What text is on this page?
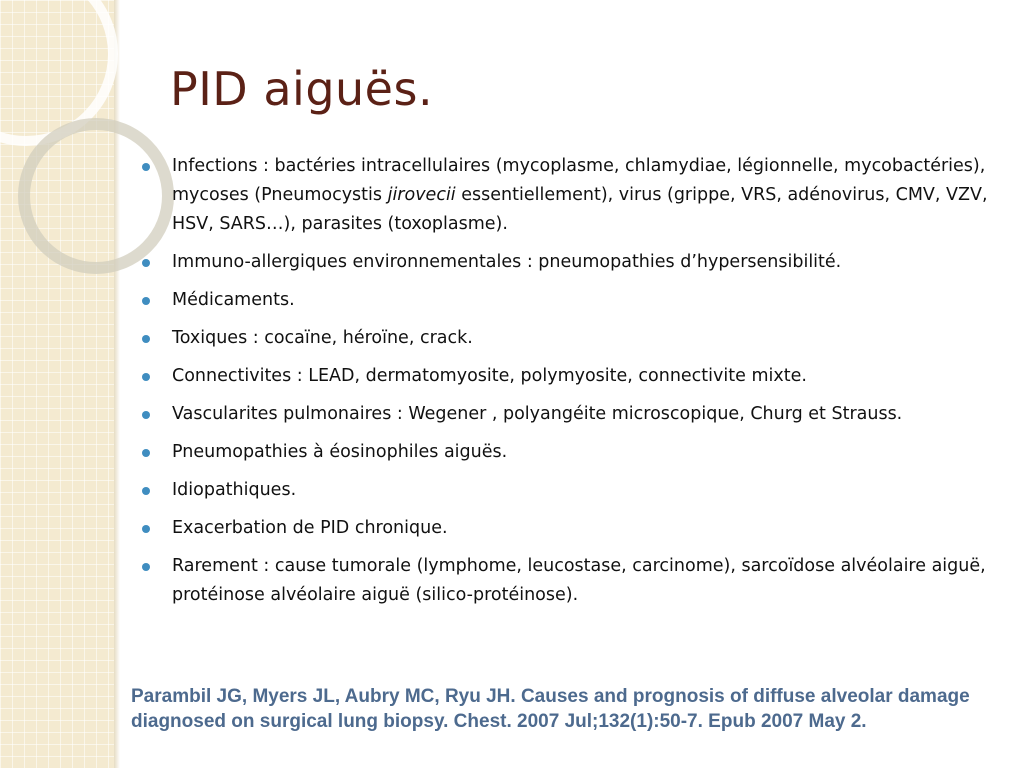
PID aiguës.
Infections : bactéries intracellulaires (mycoplasme, chlamydiae, légionnelle, mycobactéries), mycoses (Pneumocystis jirovecii essentiellement), virus (grippe, VRS, adénovirus, CMV, VZV, HSV, SARS…), parasites (toxoplasme).
Immuno-allergiques environnementales : pneumopathies d’hypersensibilité.
Médicaments.
Toxiques : cocaïne, héroïne, crack.
Connectivites : LEAD, dermatomyosite, polymyosite, connectivite mixte.
Vascularites pulmonaires : Wegener , polyangéite microscopique, Churg et Strauss.
Pneumopathies à éosinophiles aiguës.
Idiopathiques.
Exacerbation de PID chronique.
Rarement : cause tumorale (lymphome, leucostase, carcinome), sarcoïdose alvéolaire aiguë, protéinose alvéolaire aiguë (silico-protéinose).

Parambil JG, Myers JL, Aubry MC, Ryu JH. Causes and prognosis of diffuse alveolar damage diagnosed on surgical lung biopsy. Chest. 2007 Jul;132(1):50-7. Epub 2007 May 2.
